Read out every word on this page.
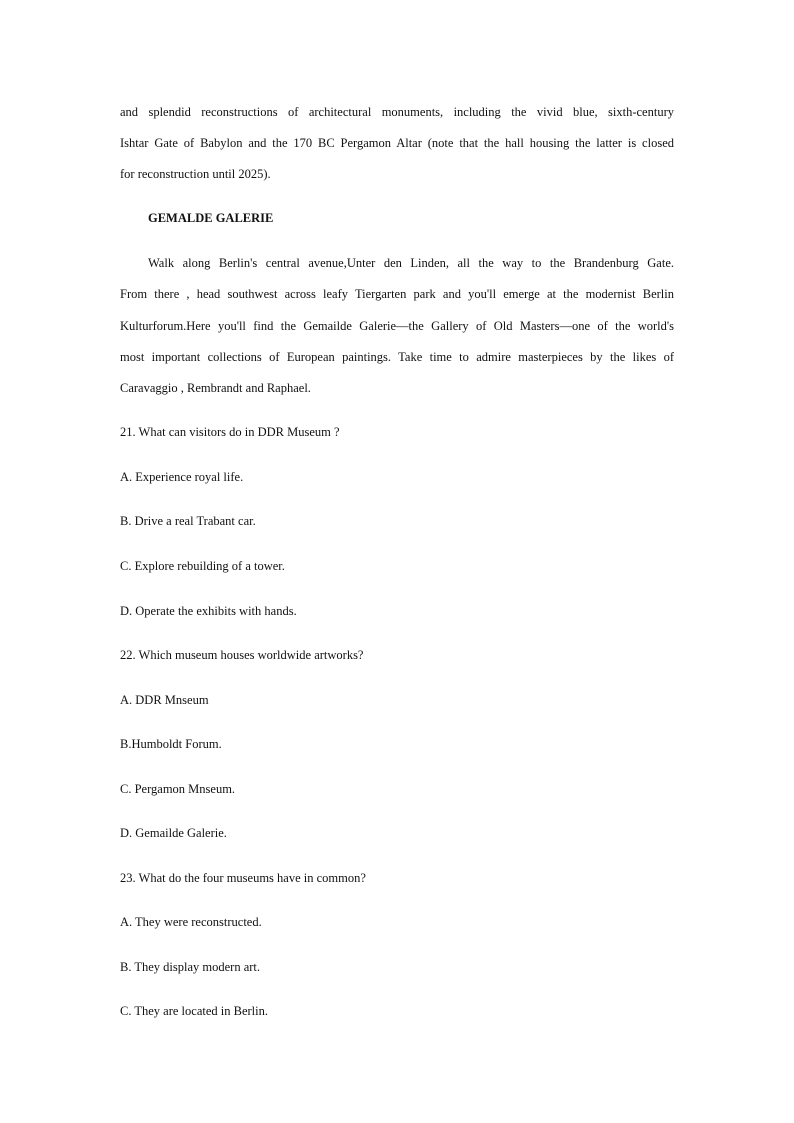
and splendid reconstructions of architectural monuments, including the vivid blue, sixth-century
Ishtar Gate of Babylon and the 170 BC Pergamon Altar (note that the hall housing the latter is closed
for reconstruction until 2025).
GEMALDE GALERIE
Walk along Berlin's central avenue,Unter den Linden, all the way to the Brandenburg Gate.
From there , head southwest across leafy Tiergarten park and you'll emerge at the modernist Berlin
Kulturforum.Here you'll find the Gemailde Galerie—the Gallery of Old Masters—one of the world's
most important collections of European paintings. Take time to admire masterpieces by the likes of
Caravaggio , Rembrandt and Raphael.
21. What can visitors do in DDR Museum ?
A. Experience royal life.
B. Drive a real Trabant car.
C. Explore rebuilding of a tower.
D. Operate the exhibits with hands.
22. Which museum houses worldwide artworks?
A. DDR Mnseum
B.Humboldt Forum.
C. Pergamon Mnseum.
D. Gemailde Galerie.
23. What do the four museums have in common?
A. They were reconstructed.
B. They display modern art.
C. They are located in Berlin.
